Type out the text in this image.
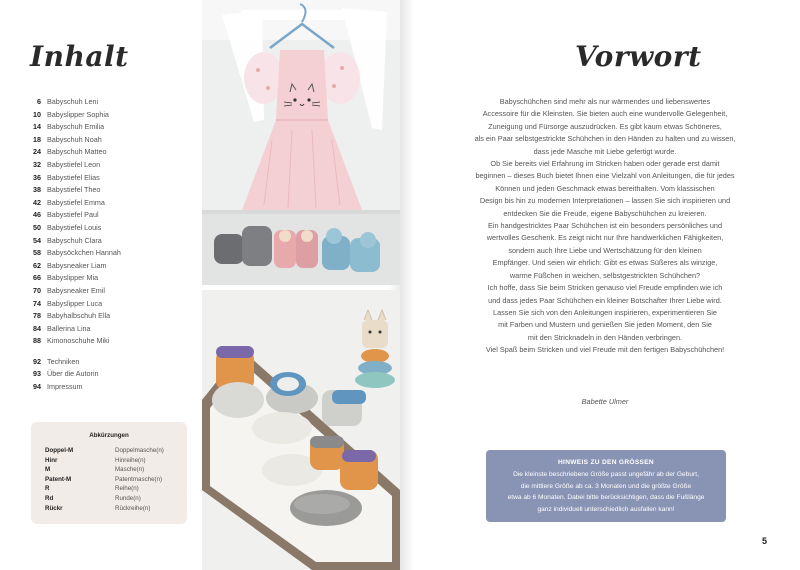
Inhalt
6 Babyschuh Leni
10 Babyslipper Sophia
14 Babyschuh Emilia
18 Babyschuh Noah
24 Babyschuh Matteo
32 Babystiefel Leon
36 Babystiefel Elias
38 Babystiefel Theo
42 Babystiefel Emma
46 Babystiefel Paul
50 Babystiefel Louis
54 Babyschuh Clara
58 Babysöckchen Hannah
62 Babysneaker Liam
66 Babyslipper Mia
70 Babysneaker Emil
74 Babyslipper Luca
78 Babyhalbschuh Ella
84 Ballerina Lina
88 Kimonoschuhe Miki
92 Techniken
93 Über die Autorin
94 Impressum
Abkürzungen
Doppel-M	Doppelmasche(n)
Hinr	Hinreihe(n)
M	Masche(n)
Patent-M	Patentmasche(n)
R	Reihe(n)
Rd	Runde(n)
Rückr	Rückreihe(n)
Vorwort

Babyschühchen sind mehr als nur wärmendes und liebenswertes

Accessoire für die Kleinsten. Sie bieten auch eine wundervolle Gelegenheit,

Zuneigung und Fürsorge auszudrücken. Es gibt kaum etwas Schöneres,

als ein Paar selbstgestrickte Schühchen in den Händen zu halten und zu wissen,

dass jede Masche mit Liebe gefertigt wurde.

Ob Sie bereits viel Erfahrung im Stricken haben oder gerade erst damit

beginnen – dieses Buch bietet Ihnen eine Vielzahl von Anleitungen, die für jedes

Können und jeden Geschmack etwas bereithalten. Vom klassischen

Design bis hin zu modernen Interpretationen – lassen Sie sich inspirieren und

entdecken Sie die Freude, eigene Babyschühchen zu kreieren.

Ein handgestricktes Paar Schühchen ist ein besonders persönliches und

wertvolles Geschenk. Es zeigt nicht nur Ihre handwerklichen Fähigkeiten,

sondern auch Ihre Liebe und Wertschätzung für den kleinen

Empfänger. Und seien wir ehrlich: Gibt es etwas Süßeres als winzige,

warme Füßchen in weichen, selbstgestrickten Schühchen?

Ich hoffe, dass Sie beim Stricken genauso viel Freude empfinden wie ich

und dass jedes Paar Schühchen ein kleiner Botschafter Ihrer Liebe wird.

Lassen Sie sich von den Anleitungen inspirieren, experimentieren Sie

mit Farben und Mustern und genießen Sie jeden Moment, den Sie

mit den Stricknadeln in den Händen verbringen.

Viel Spaß beim Stricken und viel Freude mit den fertigen Babyschühchen!

Babette Ulmer
HINWEIS ZU DEN GRÖSSEN
Die kleinste beschriebene Größe passt ungefähr ab der Geburt,
die mittlere Größe ab ca. 3 Monaten und die größte Größe
etwa ab 6 Monaten. Dabei bitte berücksichtigen, dass die Fußlänge
ganz individuell unterschiedlich ausfallen kann!
5
